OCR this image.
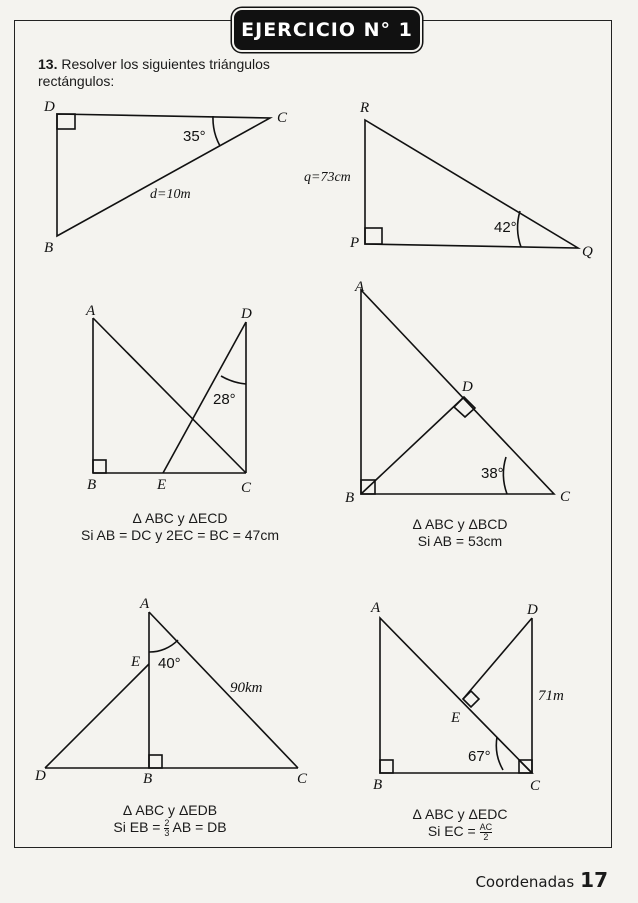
EJERCICIO N° 1
13. Resolver los siguientes triángulos rectángulos:
D
C
B
35°
d=10m
R
P
Q
42°
q=73cm
A	D
B	E	C
28°
A
D
B	C
38°
A
E
D	B	C
40°
90km
A	D
E
B	C
67°
71m
Δ ABC y ΔECD
Si AB = DC y 2EC = BC = 47cm
Δ ABC y ΔBCD
Si AB = 53cm
Δ ABC y ΔEDB
Si EB = $\frac{2}{3}$ AB = DB
Δ ABC y ΔEDC
Si EC = $\frac{AC}{2}$
Coordenadas 17
